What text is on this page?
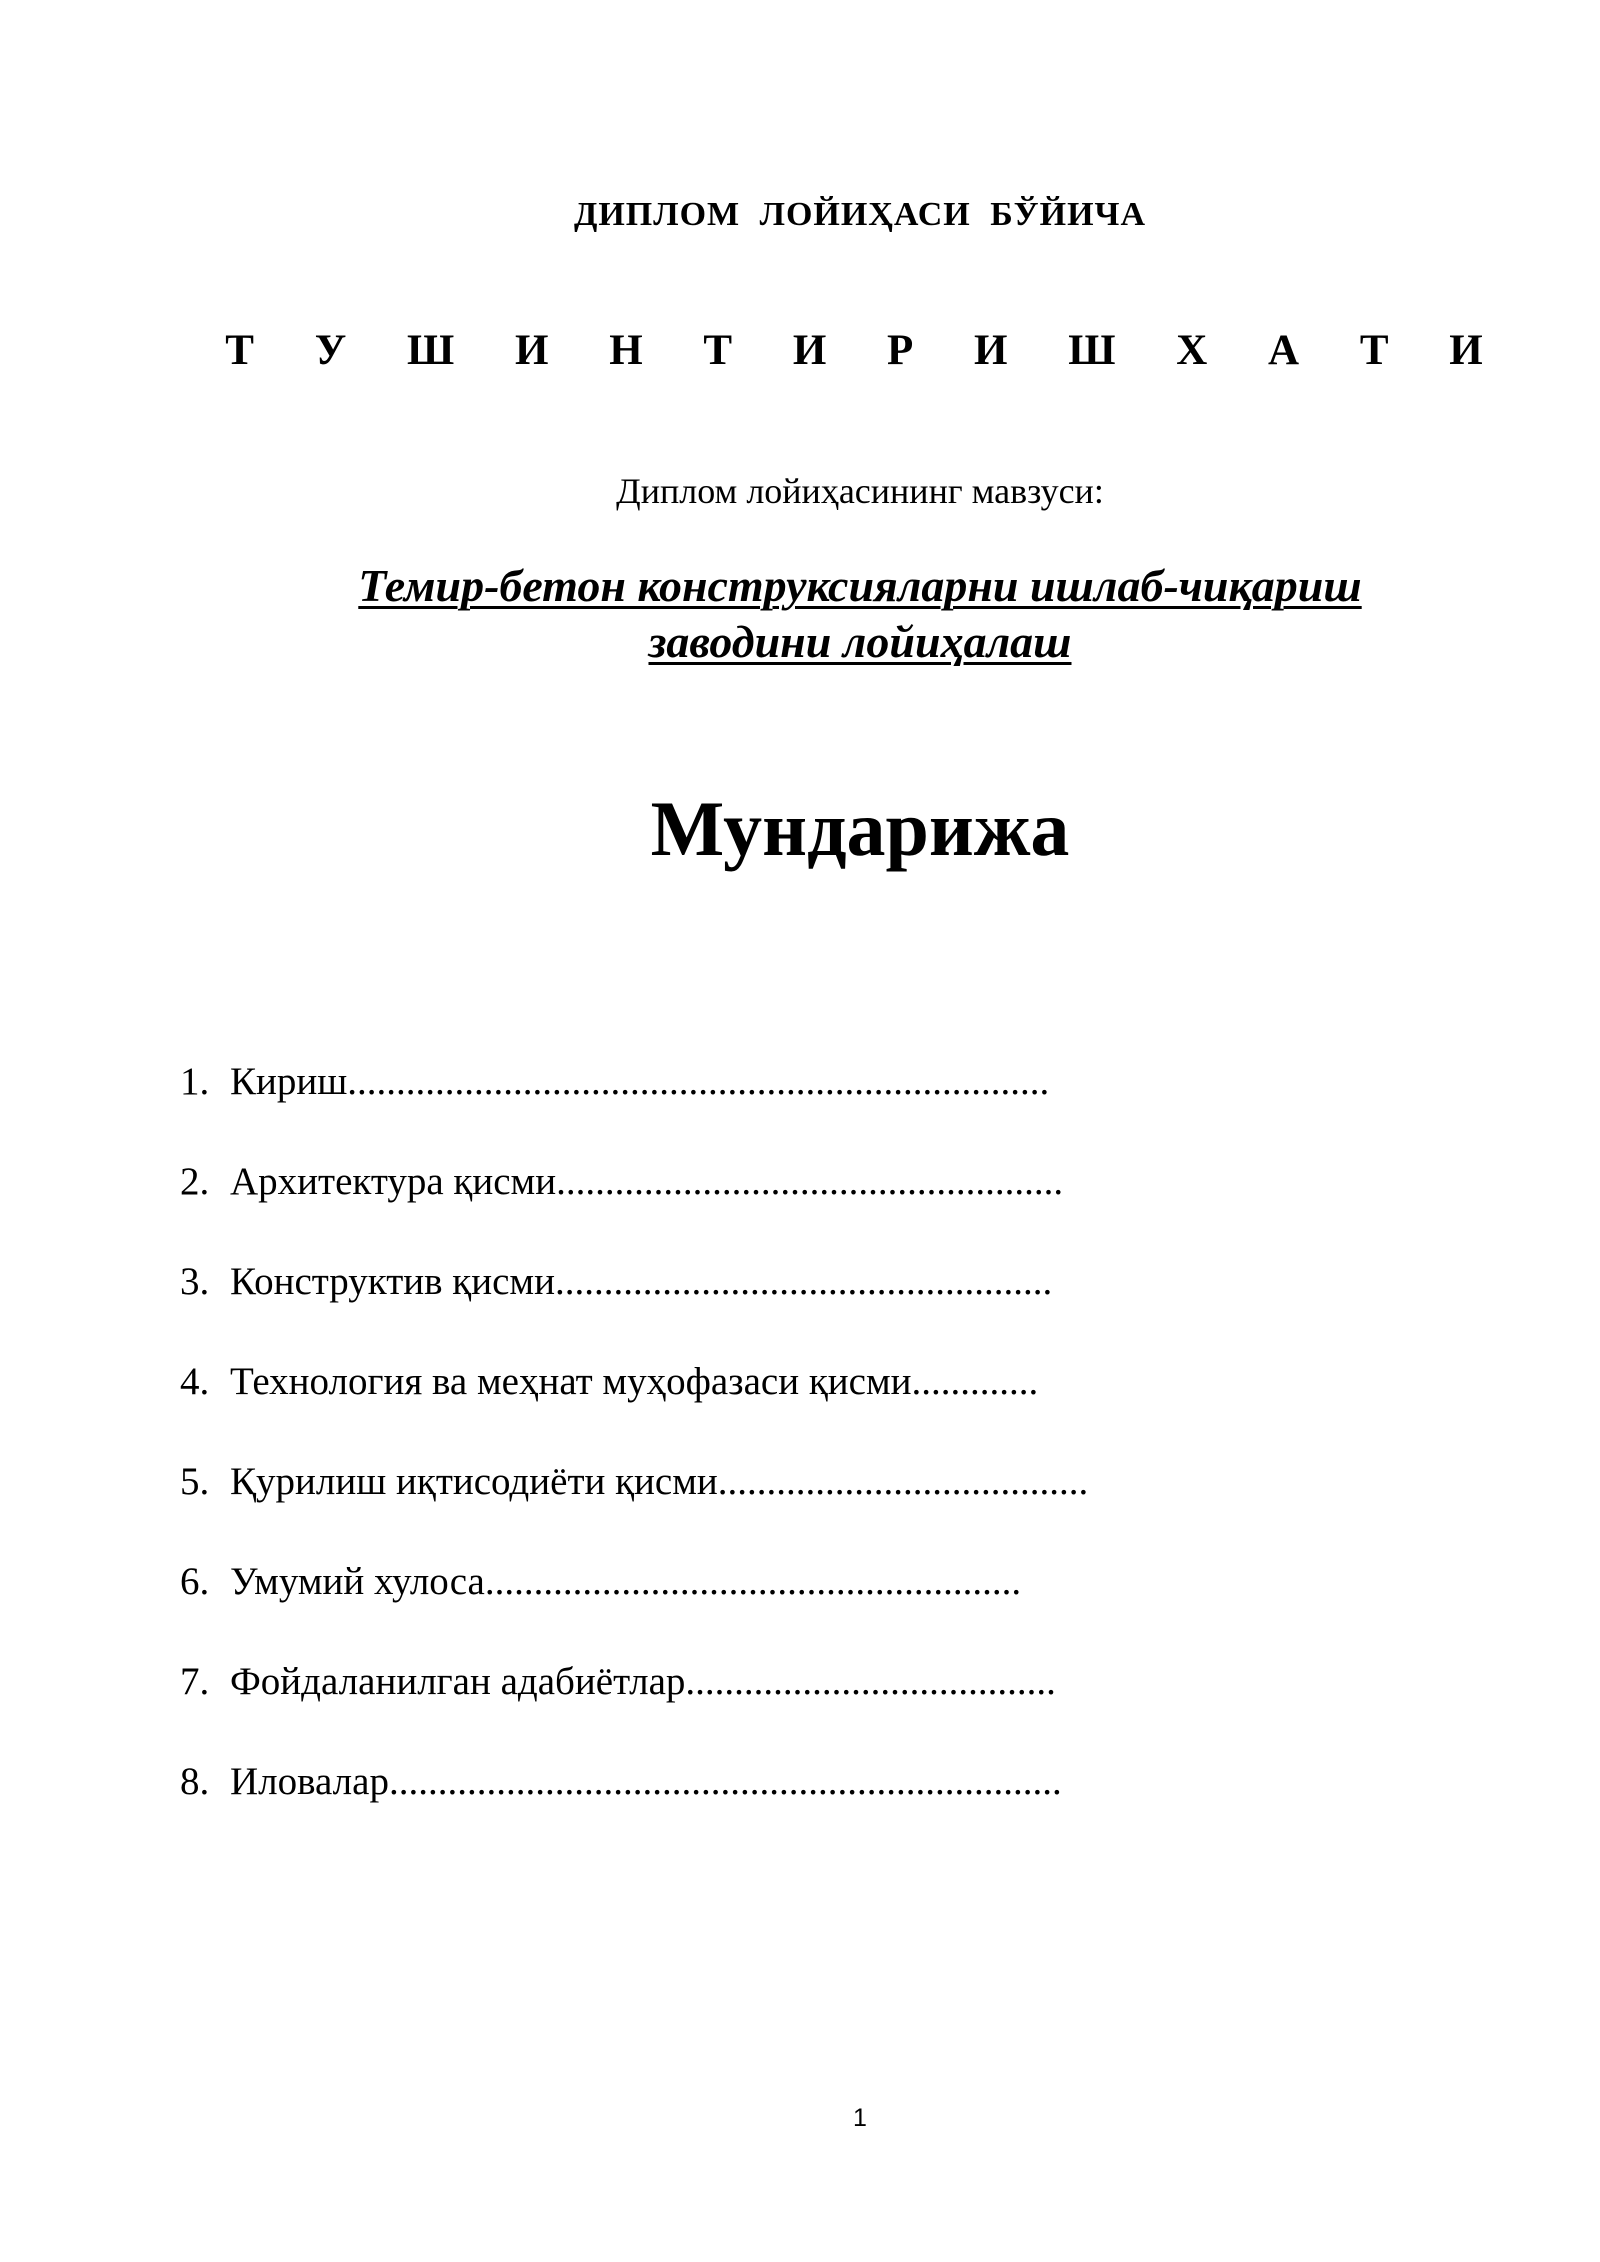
ДИПЛОМ ЛОЙИҲАСИ БЎЙИЧА
Т У Ш И Н Т И Р И Ш Х А Т И
Диплом лойиҳасининг мавзуси:
Темир-бетон конструксияларни ишлаб-чиқариш
заводини лойиҳалаш
Мундарижа
1. Кириш........................................................................
2. Архитектура қисми....................................................
3. Конструктив қисми...................................................
4. Технология ва меҳнат муҳофазаси қисми.............
5. Қурилиш иқтисодиёти қисми......................................
6. Умумий хулоса.......................................................
7. Фойдаланилган адабиётлар......................................
8. Иловалар.....................................................................
1
